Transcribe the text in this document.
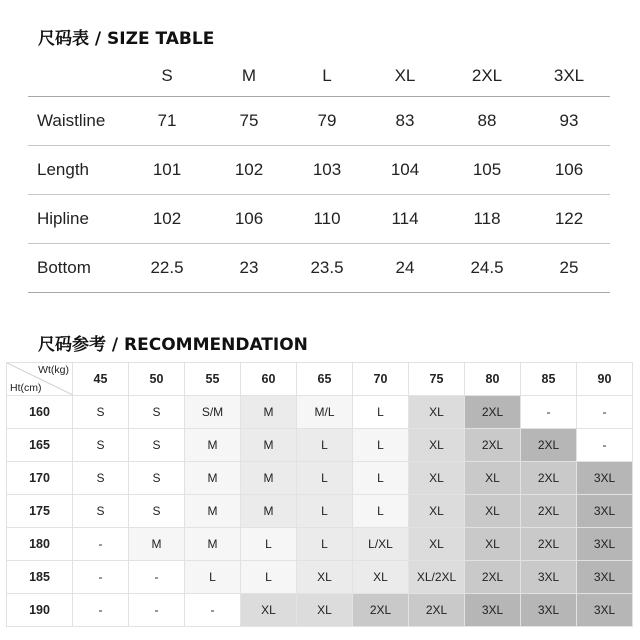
尺码表 / SIZE TABLE
	S	M	L	XL	2XL	3XL
Waistline	71	75	79	83	88	93
Length	101	102	103	104	105	106
Hipline	102	106	110	114	118	122
Bottom	22.5	23	23.5	24	24.5	25
尺码参考 / RECOMMENDATION
Wt(kg)
Ht(cm)	45	50	55	60	65	70	75	80	85	90
160	S	S	S/M	M	M/L	L	XL	2XL	-	-
165	S	S	M	M	L	L	XL	2XL	2XL	-
170	S	S	M	M	L	L	XL	XL	2XL	3XL
175	S	S	M	M	L	L	XL	XL	2XL	3XL
180	-	M	M	L	L	L/XL	XL	XL	2XL	3XL
185	-	-	L	L	XL	XL	XL/2XL	2XL	3XL	3XL
190	-	-	-	XL	XL	2XL	2XL	3XL	3XL	3XL
